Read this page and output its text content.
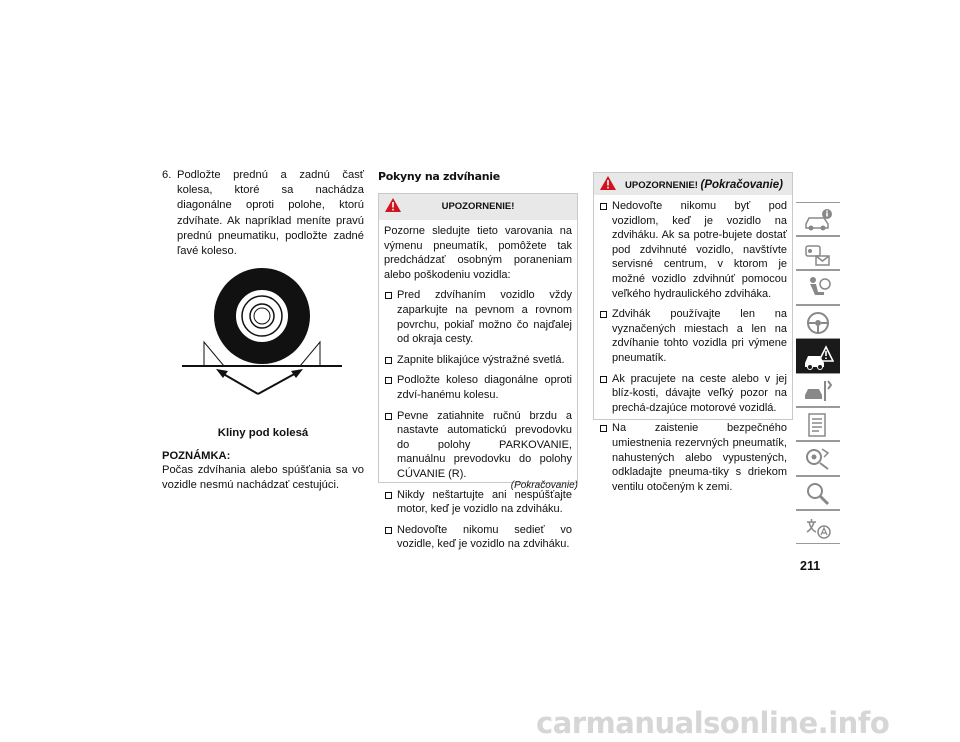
6. Podložte prednú a zadnú časť kolesa, ktoré sa nachádza diagonálne oproti polohe, ktorú zdvíhate. Ak napríklad meníte pravú prednú pneumatiku, podložte zadné ľavé koleso.
Kliny pod kolesá
POZNÁMKA:
Počas zdvíhania alebo spúšťania sa vo vozidle nesmú nachádzať cestujúci.
Pokyny na zdvíhanie
UPOZORNENIE!

Pozorne sledujte tieto varovania na výmenu pneumatík, pomôžete tak predchádzať osobným poraneniam alebo poškodeniu vozidla:

Pred zdvíhaním vozidlo vždy zaparkujte na pevnom a rovnom povrchu, pokiaľ možno čo najďalej od okraja cesty.
Zapnite blikajúce výstražné svetlá.
Podložte koleso diagonálne oproti zdví-hanému kolesu.
Pevne zatiahnite ručnú brzdu a nastavte automatickú prevodovku do polohy PARKOVANIE, manuálnu prevodovku do polohy CÚVANIE (R).
Nikdy neštartujte ani nespúšťajte motor, keď je vozidlo na zdviháku.
Nedovoľte nikomu sedieť vo vozidle, keď je vozidlo na zdviháku.
(Pokračovanie)
UPOZORNENIE! (Pokračovanie)
Nedovoľte nikomu byť pod vozidlom, keď je vozidlo na zdviháku. Ak sa potre-bujete dostať pod zdvihnuté vozidlo, navštívte servisné centrum, v ktorom je možné vozidlo zdvihnúť pomocou veľkého hydraulického zdviháka.
Zdvihák používajte len na vyznačených miestach a len na zdvíhanie tohto vozidla pri výmene pneumatík.
Ak pracujete na ceste alebo v jej blíz-kosti, dávajte veľký pozor na prechá-dzajúce motorové vozidlá.
Na zaistenie bezpečného umiestnenia rezervných pneumatík, nahustených alebo vypustených, odkladajte pneuma-tiky s driekom ventilu otočeným k zemi.
211
carmanualsonline.info
